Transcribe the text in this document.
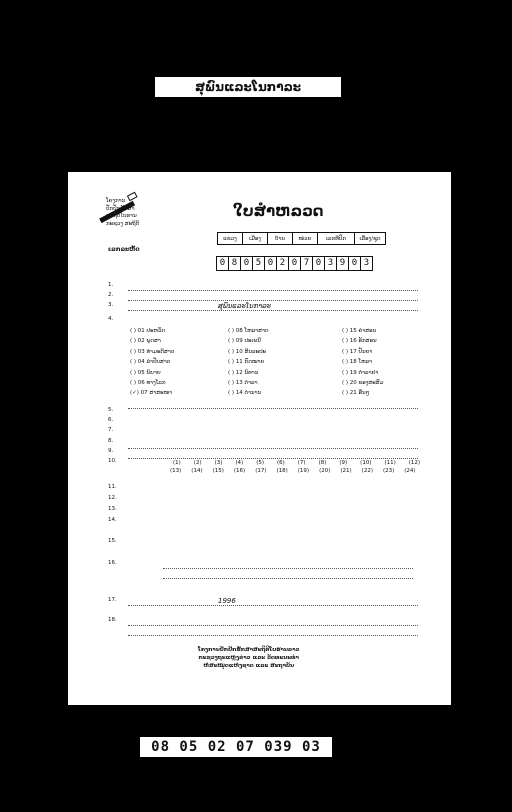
ສຸພົນແລະໂນກາລະ
ໂຄງການ
ປັກປັກຮັກສາ
ສະຖິຕິໂບຮານ
ກະຊວງ ສະຖິຕິ
ໃບສໍາຫລວດ
ເລກລະຫັດ
ແຂວງ	ເມືອງ	ບ້ານ	ໜ່ວຍ	ເລກທີປົກ	ເລື່ອງ/ຊຸດ
0 8 0 5 0 2 0 7 0 3 9 0 3
1.
2.
3.
4.
5.
6.
7.
8.
9.
10.
11.
12.
13.
14.
15.
16.
17.
18.
ສຸພົນແລະໂນກາລະ
1996
( ) 01 ປະຫວັດ
( ) 02 ພຸດສາ
( ) 03 ທໍາມະຕິສາດ
( ) 04 ລໍາປັບສາດ
( ) 05 ນິຍາຍ
( ) 06 ທາງໂລກ
(✓) 07 ສາສະໜາ
( ) 08 ໂຫລາສາດ
( ) 09 ປະເພນີ
( ) 10 ສິນລະປະ
( ) 11 ກົດໝາຍ
( ) 12 ນິທານ
( ) 13 ຕໍາລາ
( ) 14 ຕໍານານ
( ) 15 ຄໍາສອນ
( ) 16 ອັກສອນ
( ) 17 ປັນຍາ
( ) 18 ໂຫລາ
( ) 19 ຕໍາລາຢາ
( ) 20 ຂອງສະສົມ
( ) 21 ອື່ນໆ
(1) (2) (3) (4) (5) (6) (7) (8) (9) (10) (11) (12)
(13) (14) (15) (16) (17) (18) (19) (20) (21) (22) (23) (24)
ໂຄງການປັກປັກຮັກສາສະຖິຕິໂບຮານລາວ
ກະຊວງຖະແຫຼງຂ່າວ ແລະ ວັດທະນະທໍາ
ຫໍສະໝຸດແຫ່ງຊາດ ແລະ ສະຖາບັນ
08 05 02 07 039 03
